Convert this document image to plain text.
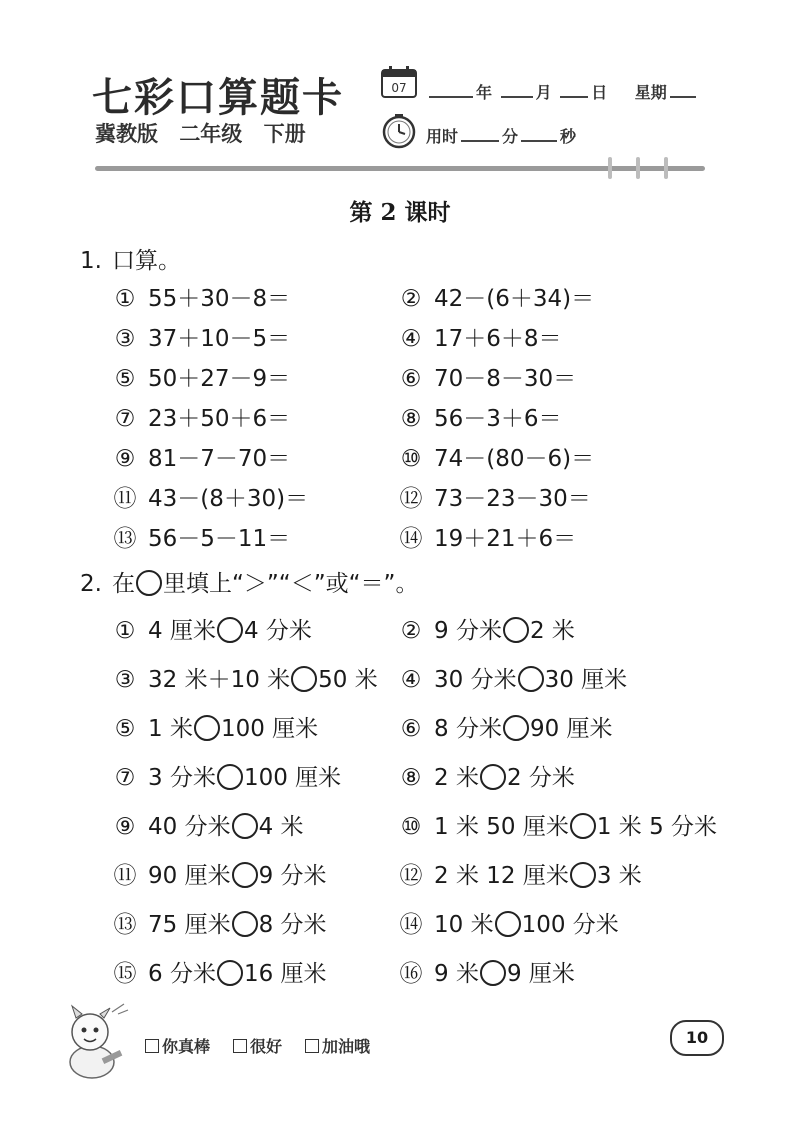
七彩口算题卡
冀教版 二年级 下册
07	年	月 日 星期
用时	分	秒
第 2 课时
1. 口算。
① 55＋30－8＝	② 42－(6＋34)＝
③ 37＋10－5＝	④ 17＋6＋8＝
⑤ 50＋27－9＝	⑥ 70－8－30＝
⑦ 23＋50＋6＝	⑧ 56－3＋6＝
⑨ 81－7－70＝	⑩ 74－(80－6)＝
⑪ 43－(8＋30)＝	⑫ 73－23－30＝
⑬ 56－5－11＝	⑭ 19＋21＋6＝
2. 在 里填上“＞”“＜”或“＝”。
① 4 厘米 4 分米	② 9 分米 2 米
③ 32 米＋10 米 50 米 ④ 30 分米 30 厘米
⑤ 1 米 100 厘米	⑥ 8 分米 90 厘米
⑦ 3 分米 100 厘米	⑧ 2 米 2 分米
⑨ 40 分米 4 米	⑩ 1 米 50 厘米 1 米 5 分米
⑪ 90 厘米 9 分米	⑫ 2 米 12 厘米 3 米
⑬ 75 厘米 8 分米	⑭ 10 米 100 分米
⑮ 6 分米 16 厘米	⑯ 9 米 9 厘米
你真棒	很好	加油哦	10
